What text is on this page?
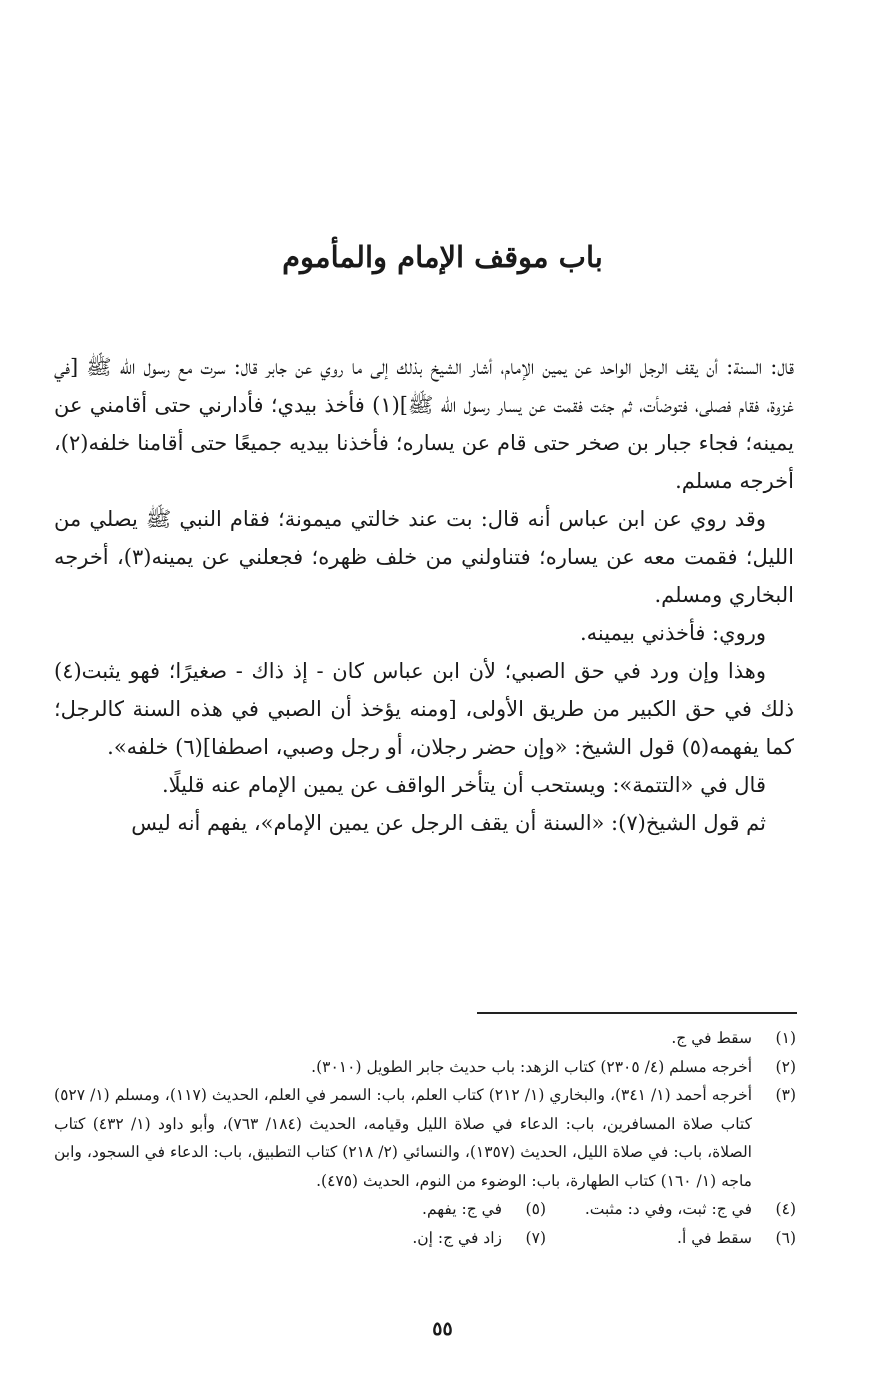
باب موقف الإمام والمأموم

قال: السنة: أن يقف الرجل الواحد عن يمين الإمام، أشار الشيخ بذلك إلى ما روي عن جابر قال: سرت مع رسول الله ﷺ [في غزوة، فقام فصلى، فتوضأت، ثم جئت فقمت عن يسار رسول الله ﷺ](١) فأخذ بيدي؛ فأدارني حتى أقامني عن يمينه؛ فجاء جبار بن صخر حتى قام عن يساره؛ فأخذنا بيديه جميعًا حتى أقامنا خلفه(٢)، أخرجه مسلم.

وقد روي عن ابن عباس أنه قال: بت عند خالتي ميمونة؛ فقام النبي ﷺ يصلي من الليل؛ فقمت معه عن يساره؛ فتناولني من خلف ظهره؛ فجعلني عن يمينه(٣)، أخرجه البخاري ومسلم.

وروي: فأخذني بيمينه.

وهذا وإن ورد في حق الصبي؛ لأن ابن عباس كان - إذ ذاك - صغيرًا؛ فهو يثبت(٤) ذلك في حق الكبير من طريق الأولى، [ومنه يؤخذ أن الصبي في هذه السنة كالرجل؛ كما يفهمه(٥) قول الشيخ: «وإن حضر رجلان، أو رجل وصبي، اصطفا](٦) خلفه».

قال في «التتمة»: ويستحب أن يتأخر الواقف عن يمين الإمام عنه قليلًا.

ثم قول الشيخ(٧): «السنة أن يقف الرجل عن يمين الإمام»، يفهم أنه ليس

(١)
سقط في ج.
(٢)
أخرجه مسلم (٤/ ٢٣٠٥) كتاب الزهد: باب حديث جابر الطويل (٣٠١٠).
(٣)
أخرجه أحمد (١/ ٣٤١)، والبخاري (١/ ٢١٢) كتاب العلم، باب: السمر في العلم، الحديث (١١٧)، ومسلم (١/ ٥٢٧) كتاب صلاة المسافرين، باب: الدعاء في صلاة الليل وقيامه، الحديث (١٨٤/ ٧٦٣)، وأبو داود (١/ ٤٣٢) كتاب الصلاة، باب: في صلاة الليل، الحديث (١٣٥٧)، والنسائي (٢/ ٢١٨) كتاب التطبيق، باب: الدعاء في السجود، وابن ماجه (١/ ١٦٠) كتاب الطهارة، باب: الوضوء من النوم، الحديث (٤٧٥).
(٤)
في ج: ثبت، وفي د: مثبت.
(٥)
في ج: يفهم.
(٦)
سقط في أ.
(٧)
زاد في ج: إن.
٥٥
